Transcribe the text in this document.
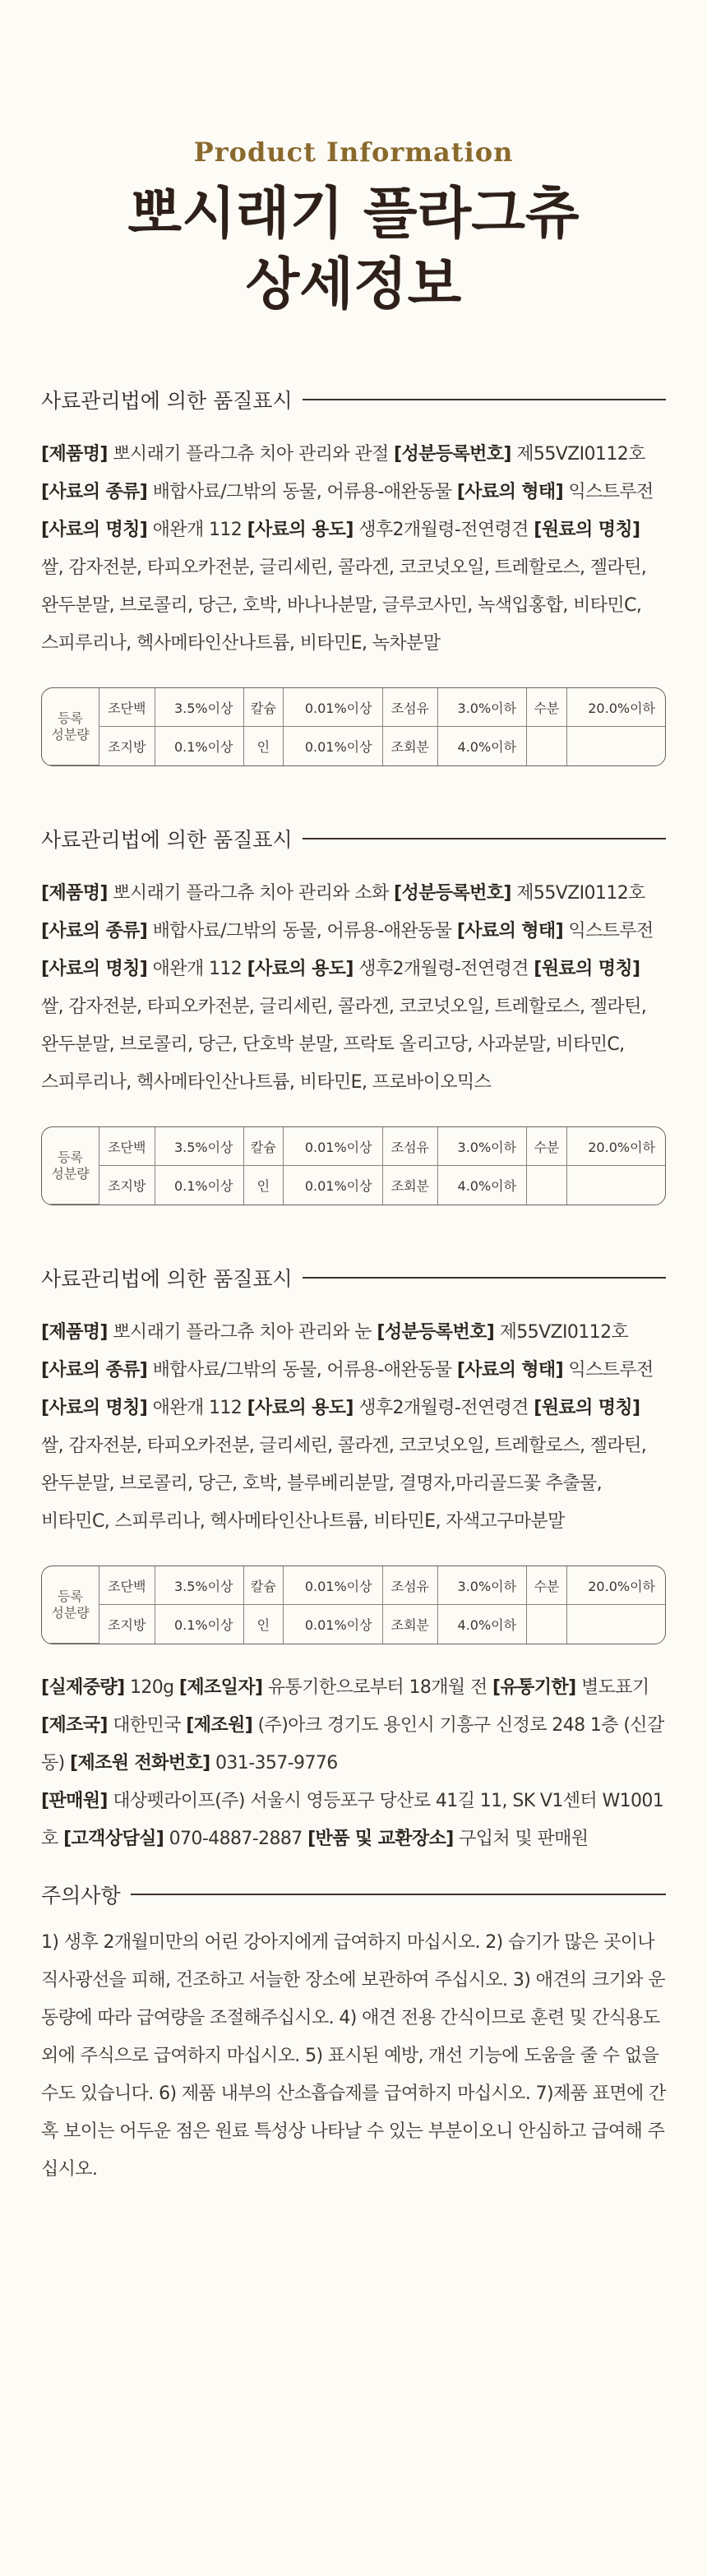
Product Information
뽀시래기 플라그츄
상세정보
사료관리법에 의한 품질표시
[제품명] 뽀시래기 플라그츄 치아 관리와 관절 [성분등록번호] 제55VZI0112호 [사료의 종류] 배합사료/그밖의 동물, 어류용-애완동물 [사료의 형태] 익스트루전 [사료의 명칭] 애완개 112 [사료의 용도] 생후2개월령-전연령견 [원료의 명칭] 쌀, 감자전분, 타피오카전분, 글리세린, 콜라겐, 코코넛오일, 트레할로스, 젤라틴, 완두분말, 브로콜리, 당근, 호박, 바나나분말, 글루코사민, 녹색입홍합, 비타민C, 스피루리나, 헥사메타인산나트륨, 비타민E, 녹차분말
등록
성분량	조단백	3.5%이상	칼슘	0.01%이상	조섬유	3.0%이하	수분	20.0%이하
	조지방	0.1%이상	인	0.01%이상	조회분	4.0%이하		
사료관리법에 의한 품질표시
[제품명] 뽀시래기 플라그츄 치아 관리와 소화 [성분등록번호] 제55VZI0112호 [사료의 종류] 배합사료/그밖의 동물, 어류용-애완동물 [사료의 형태] 익스트루전 [사료의 명칭] 애완개 112 [사료의 용도] 생후2개월령-전연령견 [원료의 명칭] 쌀, 감자전분, 타피오카전분, 글리세린, 콜라겐, 코코넛오일, 트레할로스, 젤라틴, 완두분말, 브로콜리, 당근, 단호박 분말, 프락토 올리고당, 사과분말, 비타민C, 스피루리나, 헥사메타인산나트륨, 비타민E, 프로바이오믹스
등록
성분량	조단백	3.5%이상	칼슘	0.01%이상	조섬유	3.0%이하	수분	20.0%이하
	조지방	0.1%이상	인	0.01%이상	조회분	4.0%이하		
사료관리법에 의한 품질표시
[제품명] 뽀시래기 플라그츄 치아 관리와 눈 [성분등록번호] 제55VZI0112호 [사료의 종류] 배합사료/그밖의 동물, 어류용-애완동물 [사료의 형태] 익스트루전 [사료의 명칭] 애완개 112 [사료의 용도] 생후2개월령-전연령견 [원료의 명칭] 쌀, 감자전분, 타피오카전분, 글리세린, 콜라겐, 코코넛오일, 트레할로스, 젤라틴, 완두분말, 브로콜리, 당근, 호박, 블루베리분말, 결명자,마리골드꽃 추출물, 비타민C, 스피루리나, 헥사메타인산나트륨, 비타민E, 자색고구마분말
등록
성분량	조단백	3.5%이상	칼슘	0.01%이상	조섬유	3.0%이하	수분	20.0%이하
	조지방	0.1%이상	인	0.01%이상	조회분	4.0%이하		
[실제중량] 120g [제조일자] 유통기한으로부터 18개월 전 [유통기한] 별도표기 [제조국] 대한민국 [제조원] (주)아크 경기도 용인시 기흥구 신정로 248 1층 (신갈동) [제조원 전화번호] 031-357-9776
[판매원] 대상펫라이프(주) 서울시 영등포구 당산로 41길 11, SK V1센터 W1001호 [고객상담실] 070-4887-2887 [반품 및 교환장소] 구입처 및 판매원
주의사항
1) 생후 2개월미만의 어린 강아지에게 급여하지 마십시오. 2) 습기가 많은 곳이나 직사광선을 피해, 건조하고 서늘한 장소에 보관하여 주십시오. 3) 애견의 크기와 운동량에 따라 급여량을 조절해주십시오. 4) 애견 전용 간식이므로 훈련 및 간식용도 외에 주식으로 급여하지 마십시오. 5) 표시된 예방, 개선 기능에 도움을 줄 수 없을 수도 있습니다. 6) 제품 내부의 산소흡습제를 급여하지 마십시오. 7)제품 표면에 간혹 보이는 어두운 점은 원료 특성상 나타날 수 있는 부분이오니 안심하고 급여해 주십시오.
